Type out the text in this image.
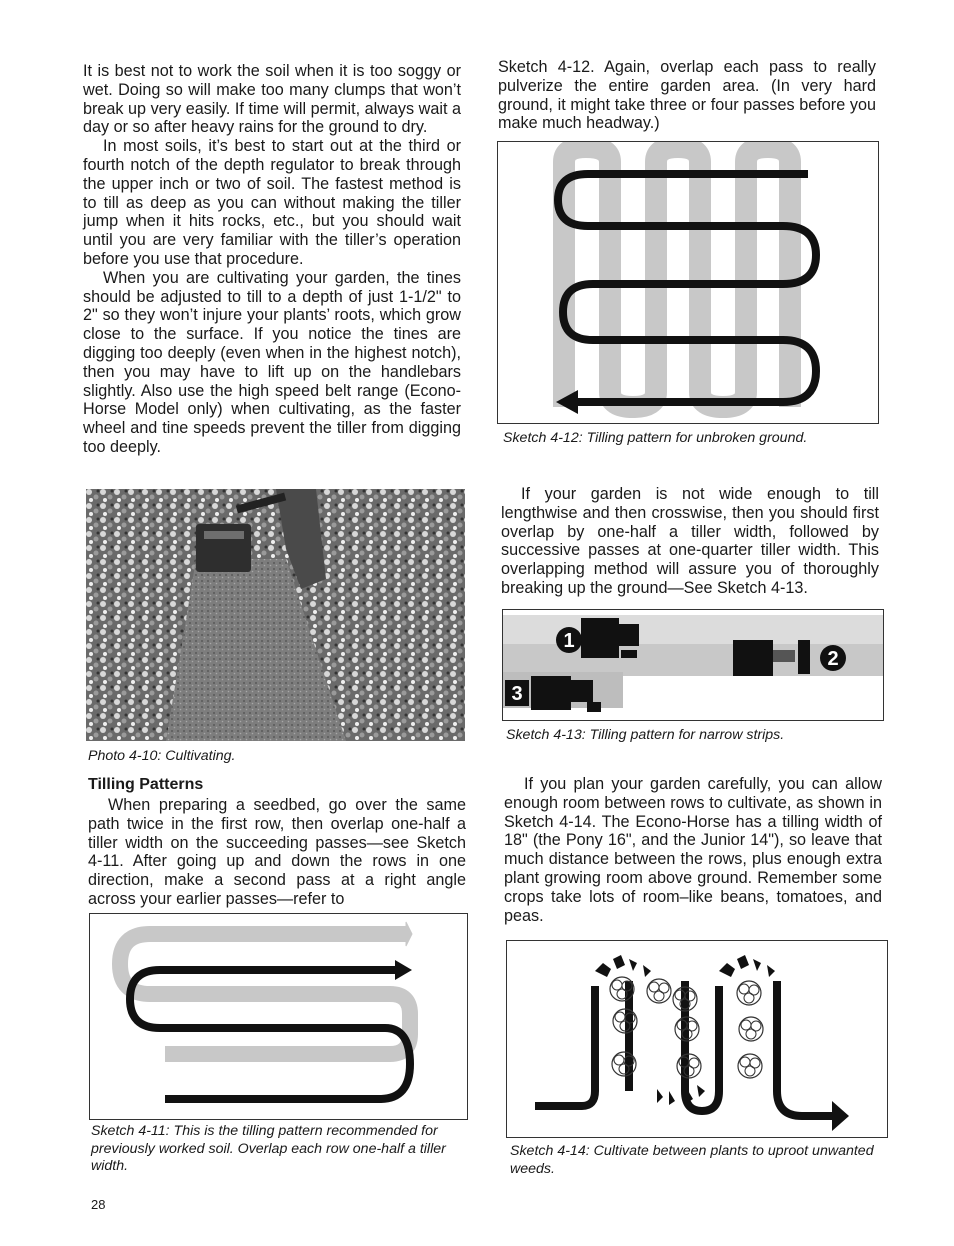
It is best not to work the soil when it is too soggy or wet. Doing so will make too many clumps that won’t break up very easily. If time will permit, always wait a day or so after heavy rains for the ground to dry.

In most soils, it’s best to start out at the third or fourth notch of the depth regulator to break through the upper inch or two of soil. The fastest method is to till as deep as you can without making the tiller jump when it hits rocks, etc., but you should wait until you are very familiar with the tiller’s operation before you use that procedure.

When you are cultivating your garden, the tines should be adjusted to till to a depth of just 1-1/2" to 2" so they won’t injure your plants’ roots, which grow close to the surface. If you notice the tines are digging too deeply (even when in the highest notch), then you may have to lift up on the handlebars slightly. Also use the high speed belt range (Econo-Horse Model only) when cultivating, as the faster wheel and tine speeds prevent the tiller from digging too deeply.

Photo 4-10: Cultivating.

Tilling Patterns

When preparing a seedbed, go over the same path twice in the first row, then overlap one-half a tiller width on the succeeding passes—see Sketch 4-11. After going up and down the rows in one direction, make a second pass at a right angle across your earlier passes—refer to

Sketch 4-11: This is the tilling pattern recommended for previously worked soil. Overlap each row one-half a tiller width.

28

Sketch 4-12. Again, overlap each pass to really pulverize the entire garden area. (In very hard ground, it might take three or four passes before you make much headway.)

Sketch 4-12: Tilling pattern for unbroken ground.

If your garden is not wide enough to till lengthwise and then crosswise, then you should first overlap by one-half a tiller width, followed by successive passes at one-quarter tiller width. This overlapping method will assure you of thoroughly breaking up the ground—See Sketch 4-13.

1
2
3

Sketch 4-13: Tilling pattern for narrow strips.

If you plan your garden carefully, you can allow enough room between rows to cultivate, as shown in Sketch 4-14. The Econo-Horse has a tilling width of 18" (the Pony 16", and the Junior 14"), so leave that much distance between the rows, plus enough extra plant growing room above ground. Remember some crops take lots of room–like beans, tomatoes, and peas.

Sketch 4-14: Cultivate between plants to uproot unwanted weeds.
